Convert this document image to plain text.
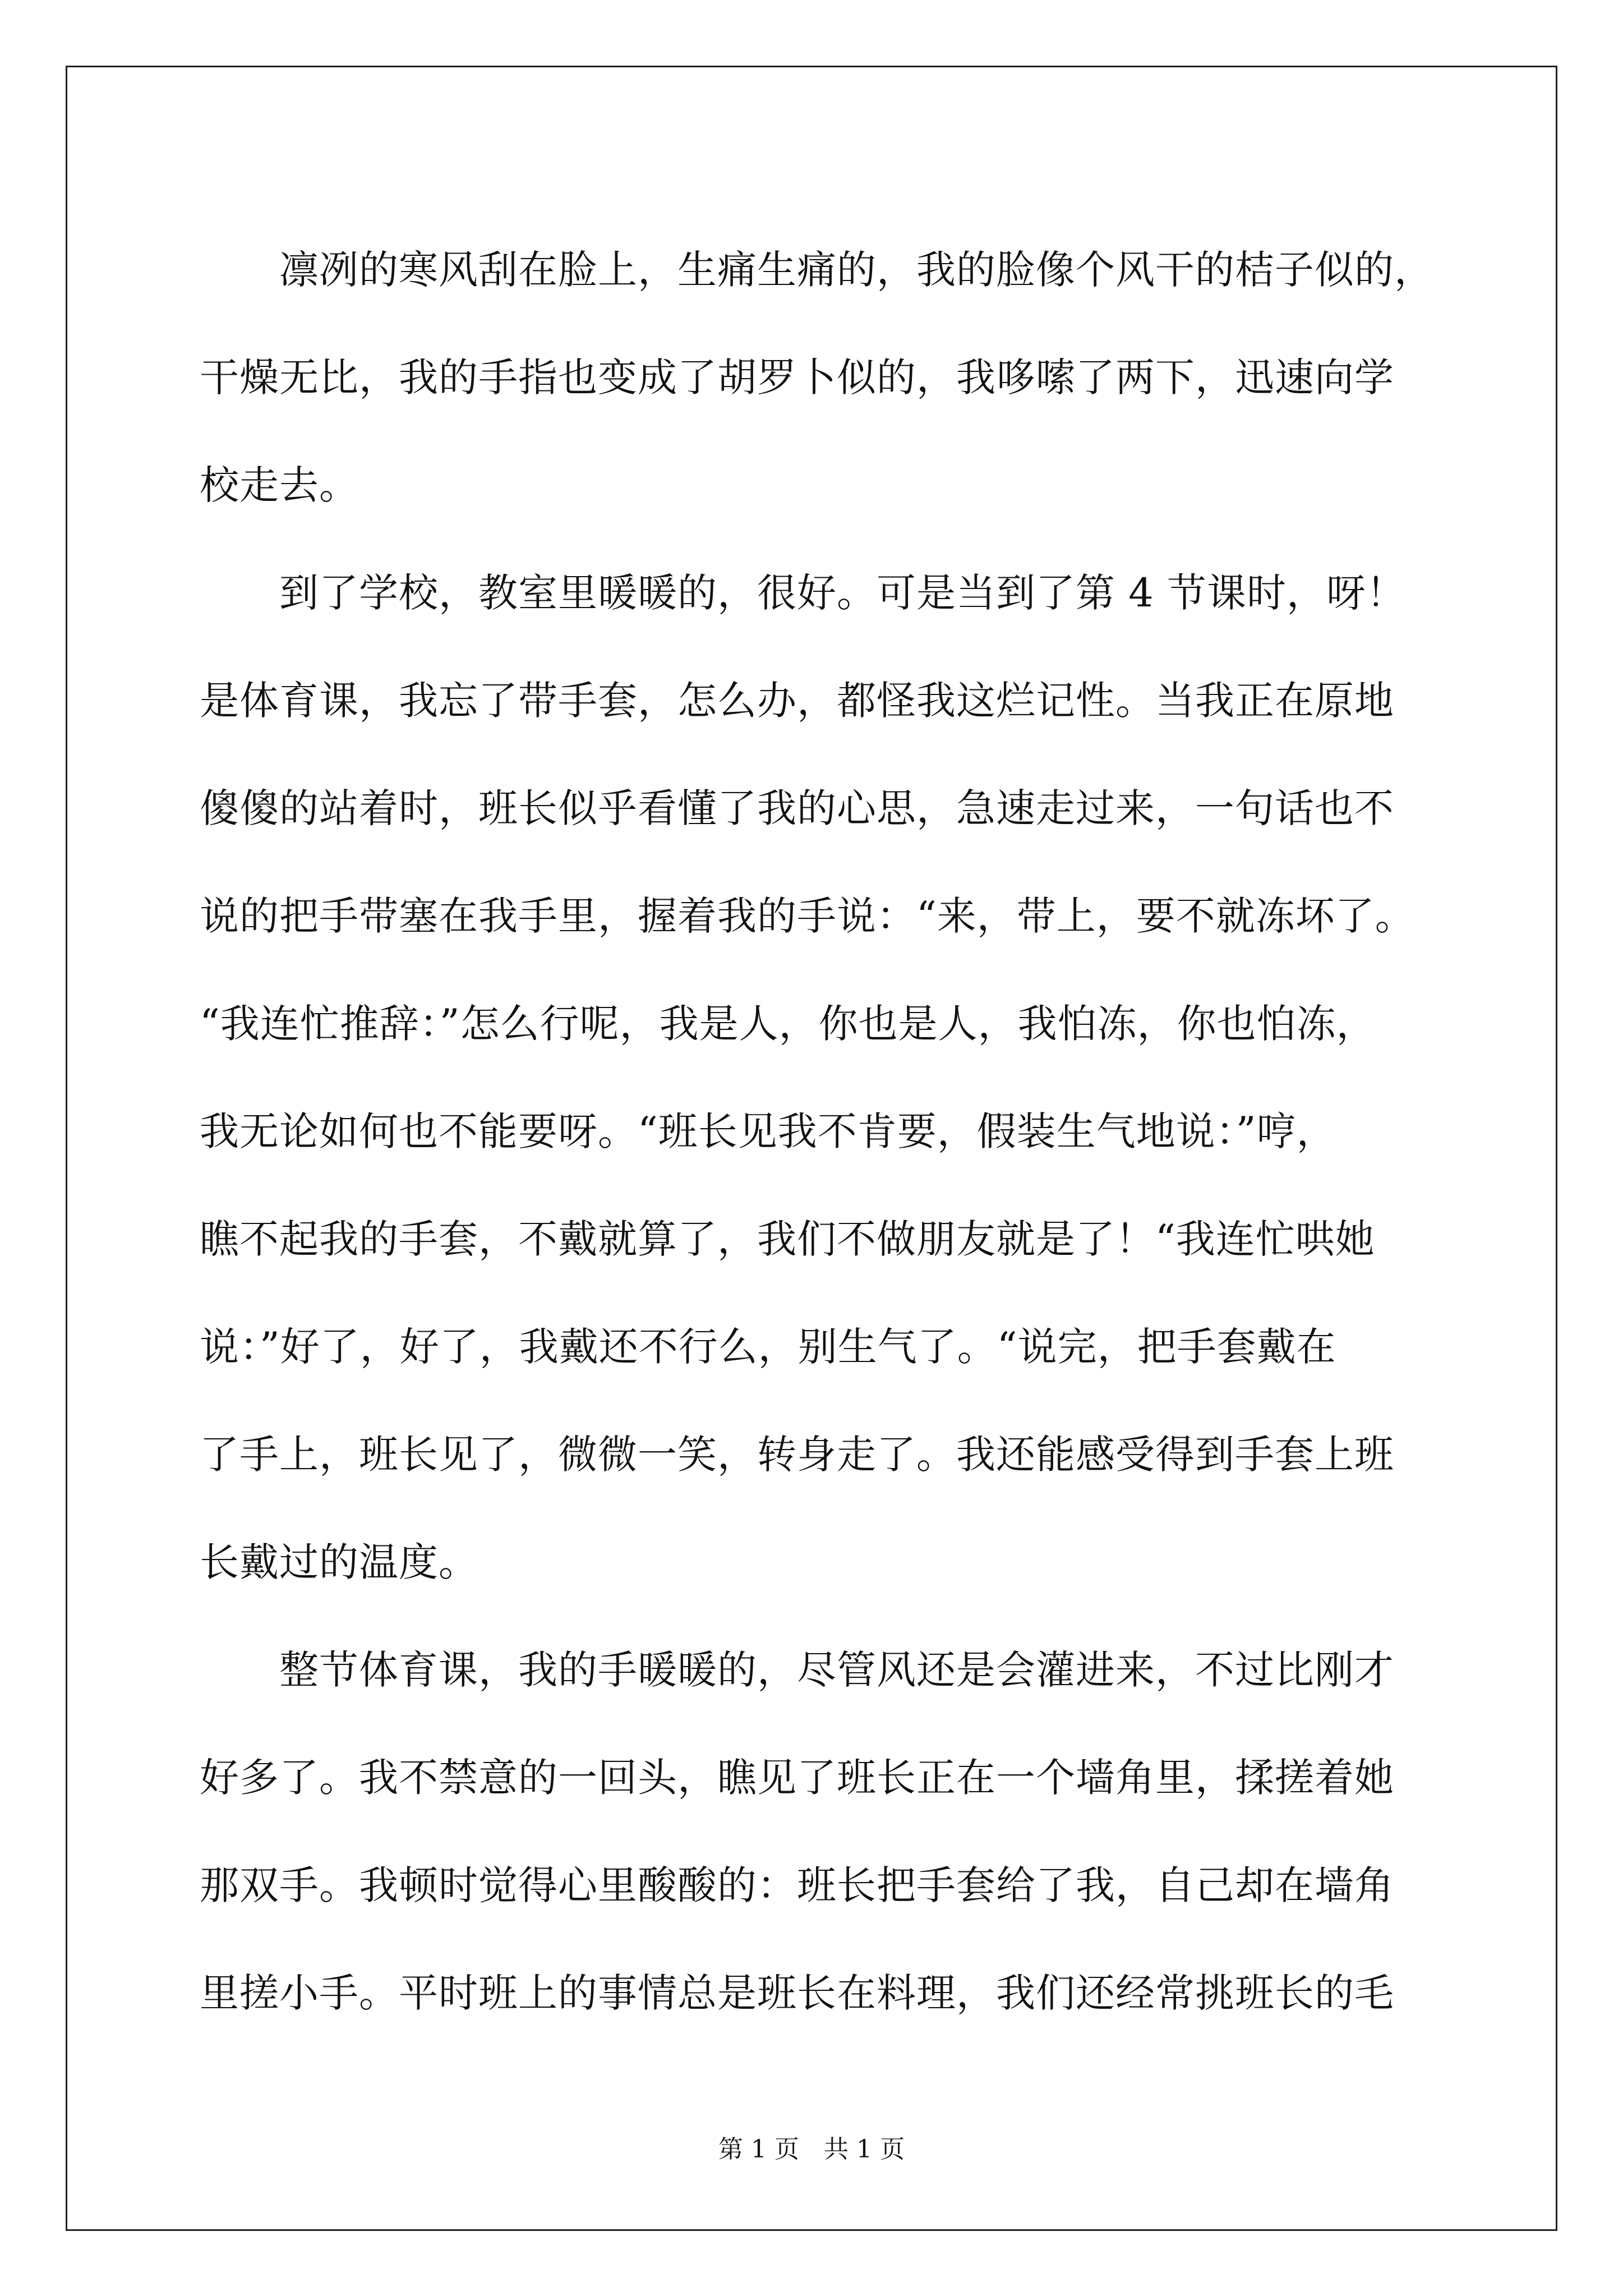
　　凛冽的寒风刮在脸上，生痛生痛的，我的脸像个风干的桔子似的，
干燥无比，我的手指也变成了胡罗卜似的，我哆嗦了两下，迅速向学
校走去。
　　到了学校，教室里暖暖的，很好。可是当到了第 4 节课时，呀！
是体育课，我忘了带手套，怎么办，都怪我这烂记性。当我正在原地
傻傻的站着时，班长似乎看懂了我的心思，急速走过来，一句话也不
说的把手带塞在我手里，握着我的手说：“来，带上，要不就冻坏了。
“我连忙推辞：”怎么行呢，我是人，你也是人，我怕冻，你也怕冻，
我无论如何也不能要呀。“班长见我不肯要，假装生气地说：”哼，
瞧不起我的手套，不戴就算了，我们不做朋友就是了！“我连忙哄她
说：”好了，好了，我戴还不行么，别生气了。“说完，把手套戴在
了手上，班长见了，微微一笑，转身走了。我还能感受得到手套上班
长戴过的温度。
　　整节体育课，我的手暖暖的，尽管风还是会灌进来，不过比刚才
好多了。我不禁意的一回头，瞧见了班长正在一个墙角里，揉搓着她
那双手。我顿时觉得心里酸酸的：班长把手套给了我，自己却在墙角
里搓小手。平时班上的事情总是班长在料理，我们还经常挑班长的毛
第 1 页　共 1 页
